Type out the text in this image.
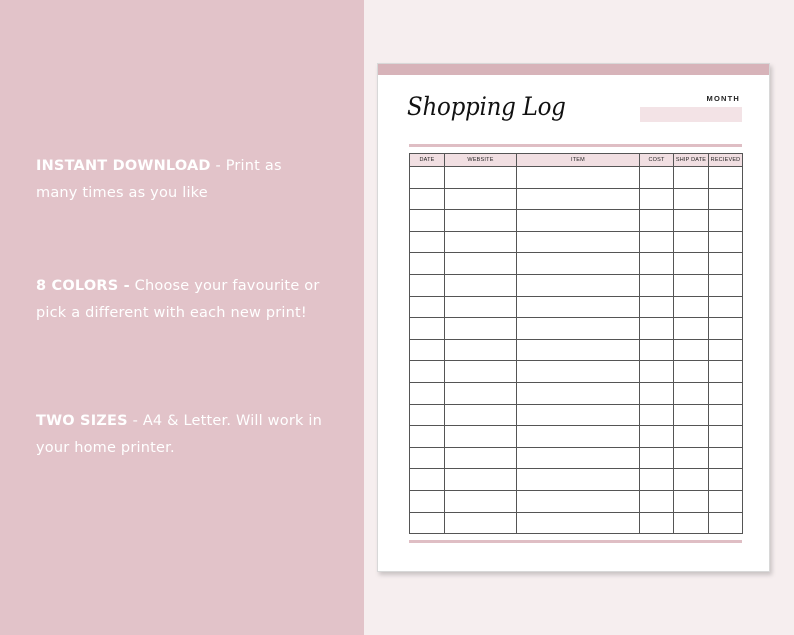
INSTANT DOWNLOAD - Print as many times as you like
8 COLORS - Choose your favourite or pick a different with each new print!
TWO SIZES - A4 & Letter. Will work in your home printer.
Shopping Log	MONTH
DATE	WEBSITE	ITEM	COST	SHIP DATE	RECIEVED
